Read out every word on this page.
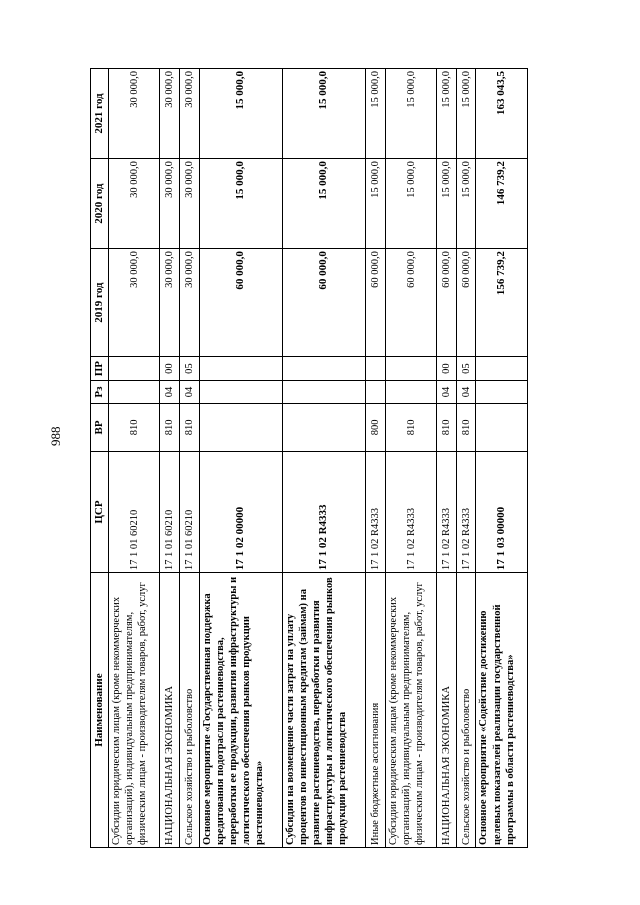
988
Наименование	ЦСР	ВР	Рз	ПР	2019 год	2020 год	2021 год
Субсидии юридическим лицам (кроме некоммерческих организаций), индивидуальным предпринимателям, физическим лицам - производителям товаров, работ, услуг	17 1 01 60210	810			30 000,0	30 000,0	30 000,0
НАЦИОНАЛЬНАЯ ЭКОНОМИКА	17 1 01 60210	810	04	00	30 000,0	30 000,0	30 000,0
Сельское хозяйство и рыболовство	17 1 01 60210	810	04	05	30 000,0	30 000,0	30 000,0
Основное мероприятие «Государственная поддержка кредитования подотрасли растениеводства, переработки ее продукции, развития инфраструктуры и логистического обеспечения рынков продукции растениеводства»	17 1 02 00000				60 000,0	15 000,0	15 000,0
Субсидии на возмещение части затрат на уплату процентов по инвестиционным кредитам (займам) на развитие растениеводства, переработки и развития инфраструктуры и логистического обеспечения рынков продукции растениеводства	17 1 02 R4333				60 000,0	15 000,0	15 000,0
Иные бюджетные ассигнования	17 1 02 R4333	800			60 000,0	15 000,0	15 000,0
Субсидии юридическим лицам (кроме некоммерческих организаций), индивидуальным предпринимателям, физическим лицам - производителям товаров, работ, услуг	17 1 02 R4333	810			60 000,0	15 000,0	15 000,0
НАЦИОНАЛЬНАЯ ЭКОНОМИКА	17 1 02 R4333	810	04	00	60 000,0	15 000,0	15 000,0
Сельское хозяйство и рыболовство	17 1 02 R4333	810	04	05	60 000,0	15 000,0	15 000,0
Основное мероприятие «Содействие достижению целевых показателей реализации государственной программы в области растениеводства»	17 1 03 00000				156 739,2	146 739,2	163 043,5
